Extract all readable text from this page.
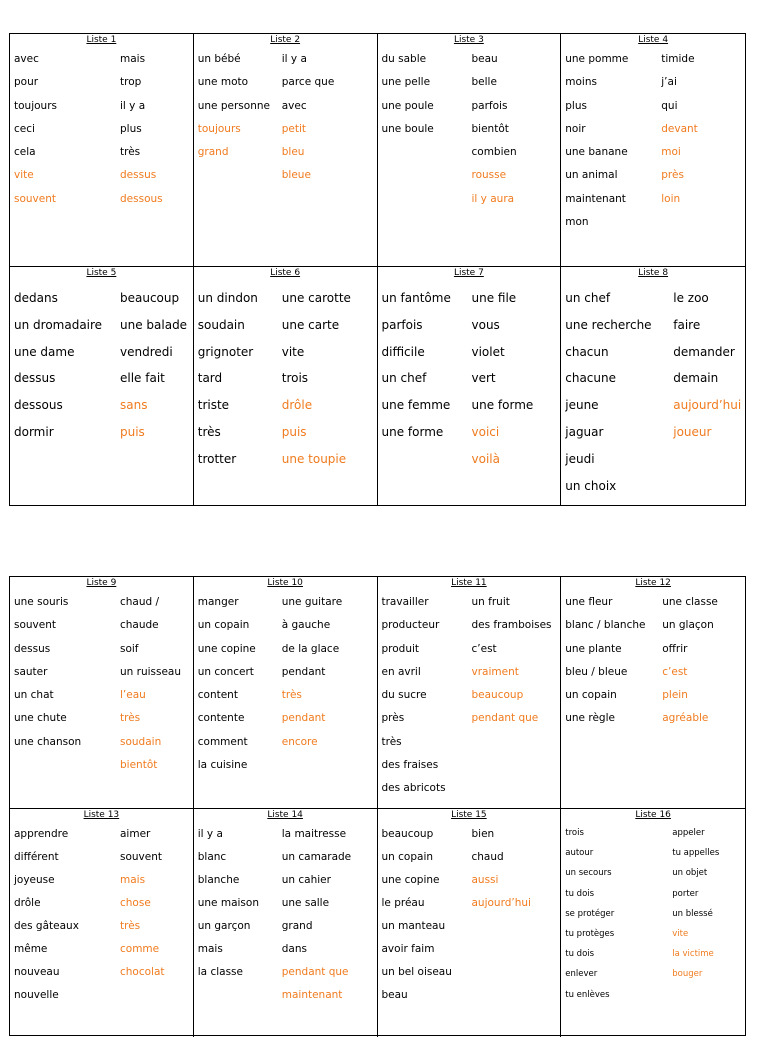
Liste 1
avec
pour
toujours
ceci
cela
vite
souvent
mais
trop
il y a
plus
très
dessus
dessous
Liste 2
un bébé
une moto
une personne
toujours
grand
il y a
parce que
avec
petit
bleu
bleue
Liste 3
du sable
une pelle
une poule
une boule
beau
belle
parfois
bientôt
combien
rousse
il y aura
Liste 4
une pomme
moins
plus
noir
une banane
un animal
maintenant
mon
timide
j’ai
qui
devant
moi
près
loin
Liste 5
dedans
un dromadaire
une dame
dessus
dessous
dormir
beaucoup
une balade
vendredi
elle fait
sans
puis
Liste 6
un dindon
soudain
grignoter
tard
triste
très
trotter
une carotte
une carte
vite
trois
drôle
puis
une toupie
Liste 7
un fantôme
parfois
difficile
un chef
une femme
une forme
une file
vous
violet
vert
une forme
voici
voilà
Liste 8
un chef
une recherche
chacun
chacune
jeune
jaguar
jeudi
un choix
le zoo
faire
demander
demain
aujourd’hui
joueur
Liste 9
une souris
souvent
dessus
sauter
un chat
une chute
une chanson
chaud /
chaude
soif
un ruisseau
l’eau
très
soudain
bientôt
Liste 10
manger
un copain
une copine
un concert
content
contente
comment
la cuisine
une guitare
à gauche
de la glace
pendant
très
pendant
encore
Liste 11
travailler
producteur
produit
en avril
du sucre
près
très
des fraises
des abricots
un fruit
des framboises
c’est
vraiment
beaucoup
pendant que
Liste 12
une fleur
blanc / blanche
une plante
bleu / bleue
un copain
une règle
une classe
un glaçon
offrir
c’est
plein
agréable
Liste 13
apprendre
différent
joyeuse
drôle
des gâteaux
même
nouveau
nouvelle
aimer
souvent
mais
chose
très
comme
chocolat
Liste 14
il y a
blanc
blanche
une maison
un garçon
mais
la classe
la maitresse
un camarade
un cahier
une salle
grand
dans
pendant que
maintenant
Liste 15
beaucoup
un copain
une copine
le préau
un manteau
avoir faim
un bel oiseau
beau
bien
chaud
aussi
aujourd’hui
Liste 16
trois
autour
un secours
tu dois
se protéger
tu protèges
tu dois
enlever
tu enlèves
appeler
tu appelles
un objet
porter
un blessé
vite
la victime
bouger
